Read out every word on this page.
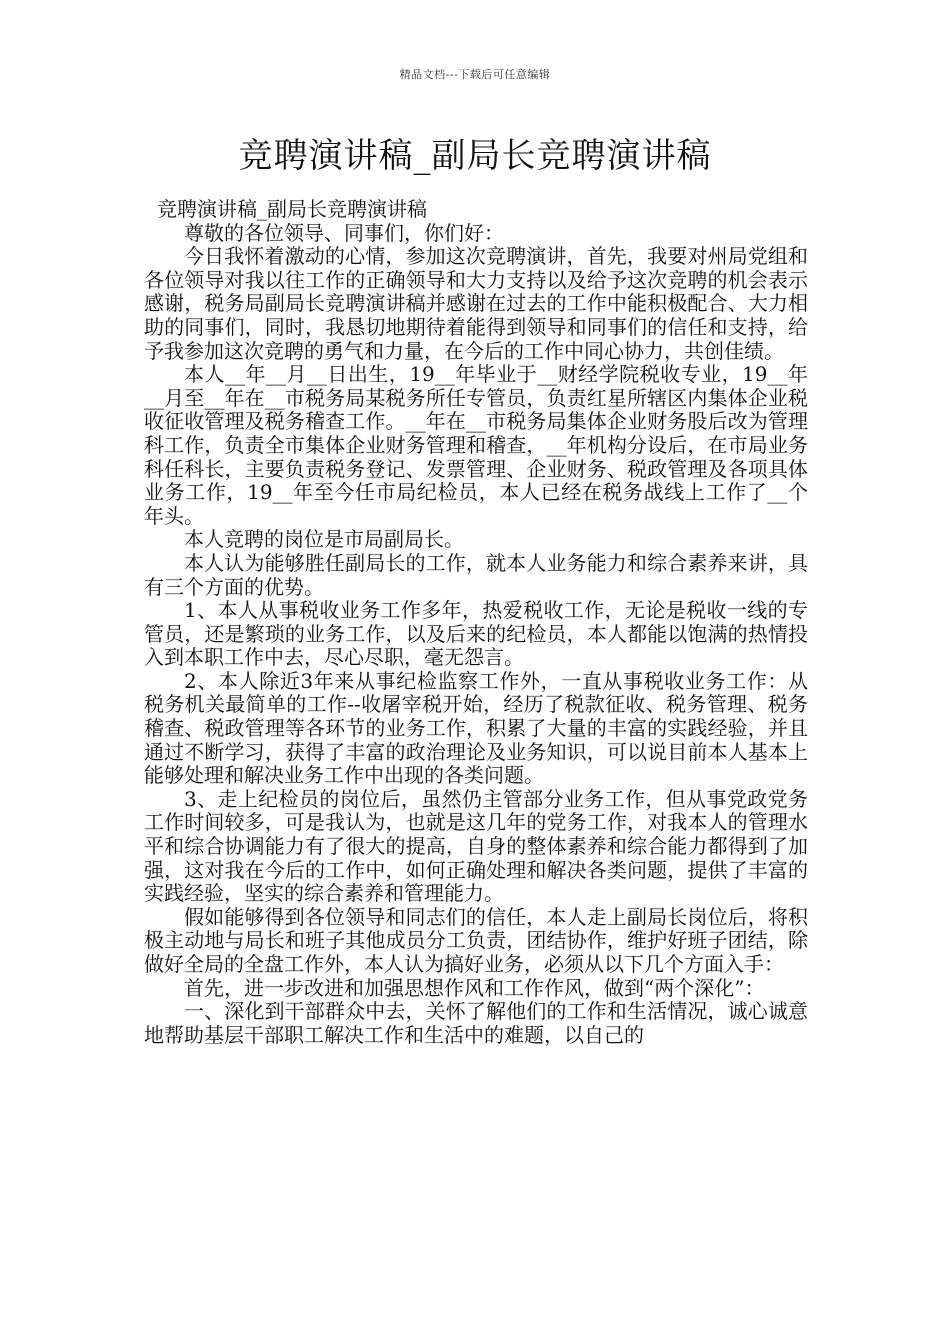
精品文档---下载后可任意编辑
竞聘演讲稿_副局长竞聘演讲稿

竞聘演讲稿_副局长竞聘演讲稿

尊敬的各位领导、同事们，你们好：

今日我怀着激动的心情，参加这次竞聘演讲，首先，我要对州局党组和各位领导对我以往工作的正确领导和大力支持以及给予这次竞聘的机会表示感谢，税务局副局长竞聘演讲稿并感谢在过去的工作中能积极配合、大力相助的同事们，同时，我恳切地期待着能得到领导和同事们的信任和支持，给予我参加这次竞聘的勇气和力量，在今后的工作中同心协力，共创佳绩。

本人__年__月__日出生，19__年毕业于__财经学院税收专业，19__年__月至__年在__市税务局某税务所任专管员，负责红星所辖区内集体企业税收征收管理及税务稽查工作。__年在__市税务局集体企业财务股后改为管理科工作，负责全市集体企业财务管理和稽查，__年机构分设后，在市局业务科任科长，主要负责税务登记、发票管理、企业财务、税政管理及各项具体业务工作，19__年至今任市局纪检员，本人已经在税务战线上工作了__个年头。

本人竞聘的岗位是市局副局长。

本人认为能够胜任副局长的工作，就本人业务能力和综合素养来讲，具有三个方面的优势。

1、本人从事税收业务工作多年，热爱税收工作，无论是税收一线的专管员，还是繁琐的业务工作，以及后来的纪检员，本人都能以饱满的热情投入到本职工作中去，尽心尽职，毫无怨言。

2、本人除近3年来从事纪检监察工作外，一直从事税收业务工作：从税务机关最简单的工作--收屠宰税开始，经历了税款征收、税务管理、税务稽查、税政管理等各环节的业务工作，积累了大量的丰富的实践经验，并且通过不断学习，获得了丰富的政治理论及业务知识，可以说目前本人基本上能够处理和解决业务工作中出现的各类问题。

3、走上纪检员的岗位后，虽然仍主管部分业务工作，但从事党政党务工作时间较多，可是我认为，也就是这几年的党务工作，对我本人的管理水平和综合协调能力有了很大的提高，自身的整体素养和综合能力都得到了加强，这对我在今后的工作中，如何正确处理和解决各类问题，提供了丰富的实践经验，坚实的综合素养和管理能力。

假如能够得到各位领导和同志们的信任，本人走上副局长岗位后，将积极主动地与局长和班子其他成员分工负责，团结协作，维护好班子团结，除做好全局的全盘工作外，本人认为搞好业务，必须从以下几个方面入手：

首先，进一步改进和加强思想作风和工作作风，做到“两个深化”：

一、深化到干部群众中去，关怀了解他们的工作和生活情况，诚心诚意地帮助基层干部职工解决工作和生活中的难题，以自己的
